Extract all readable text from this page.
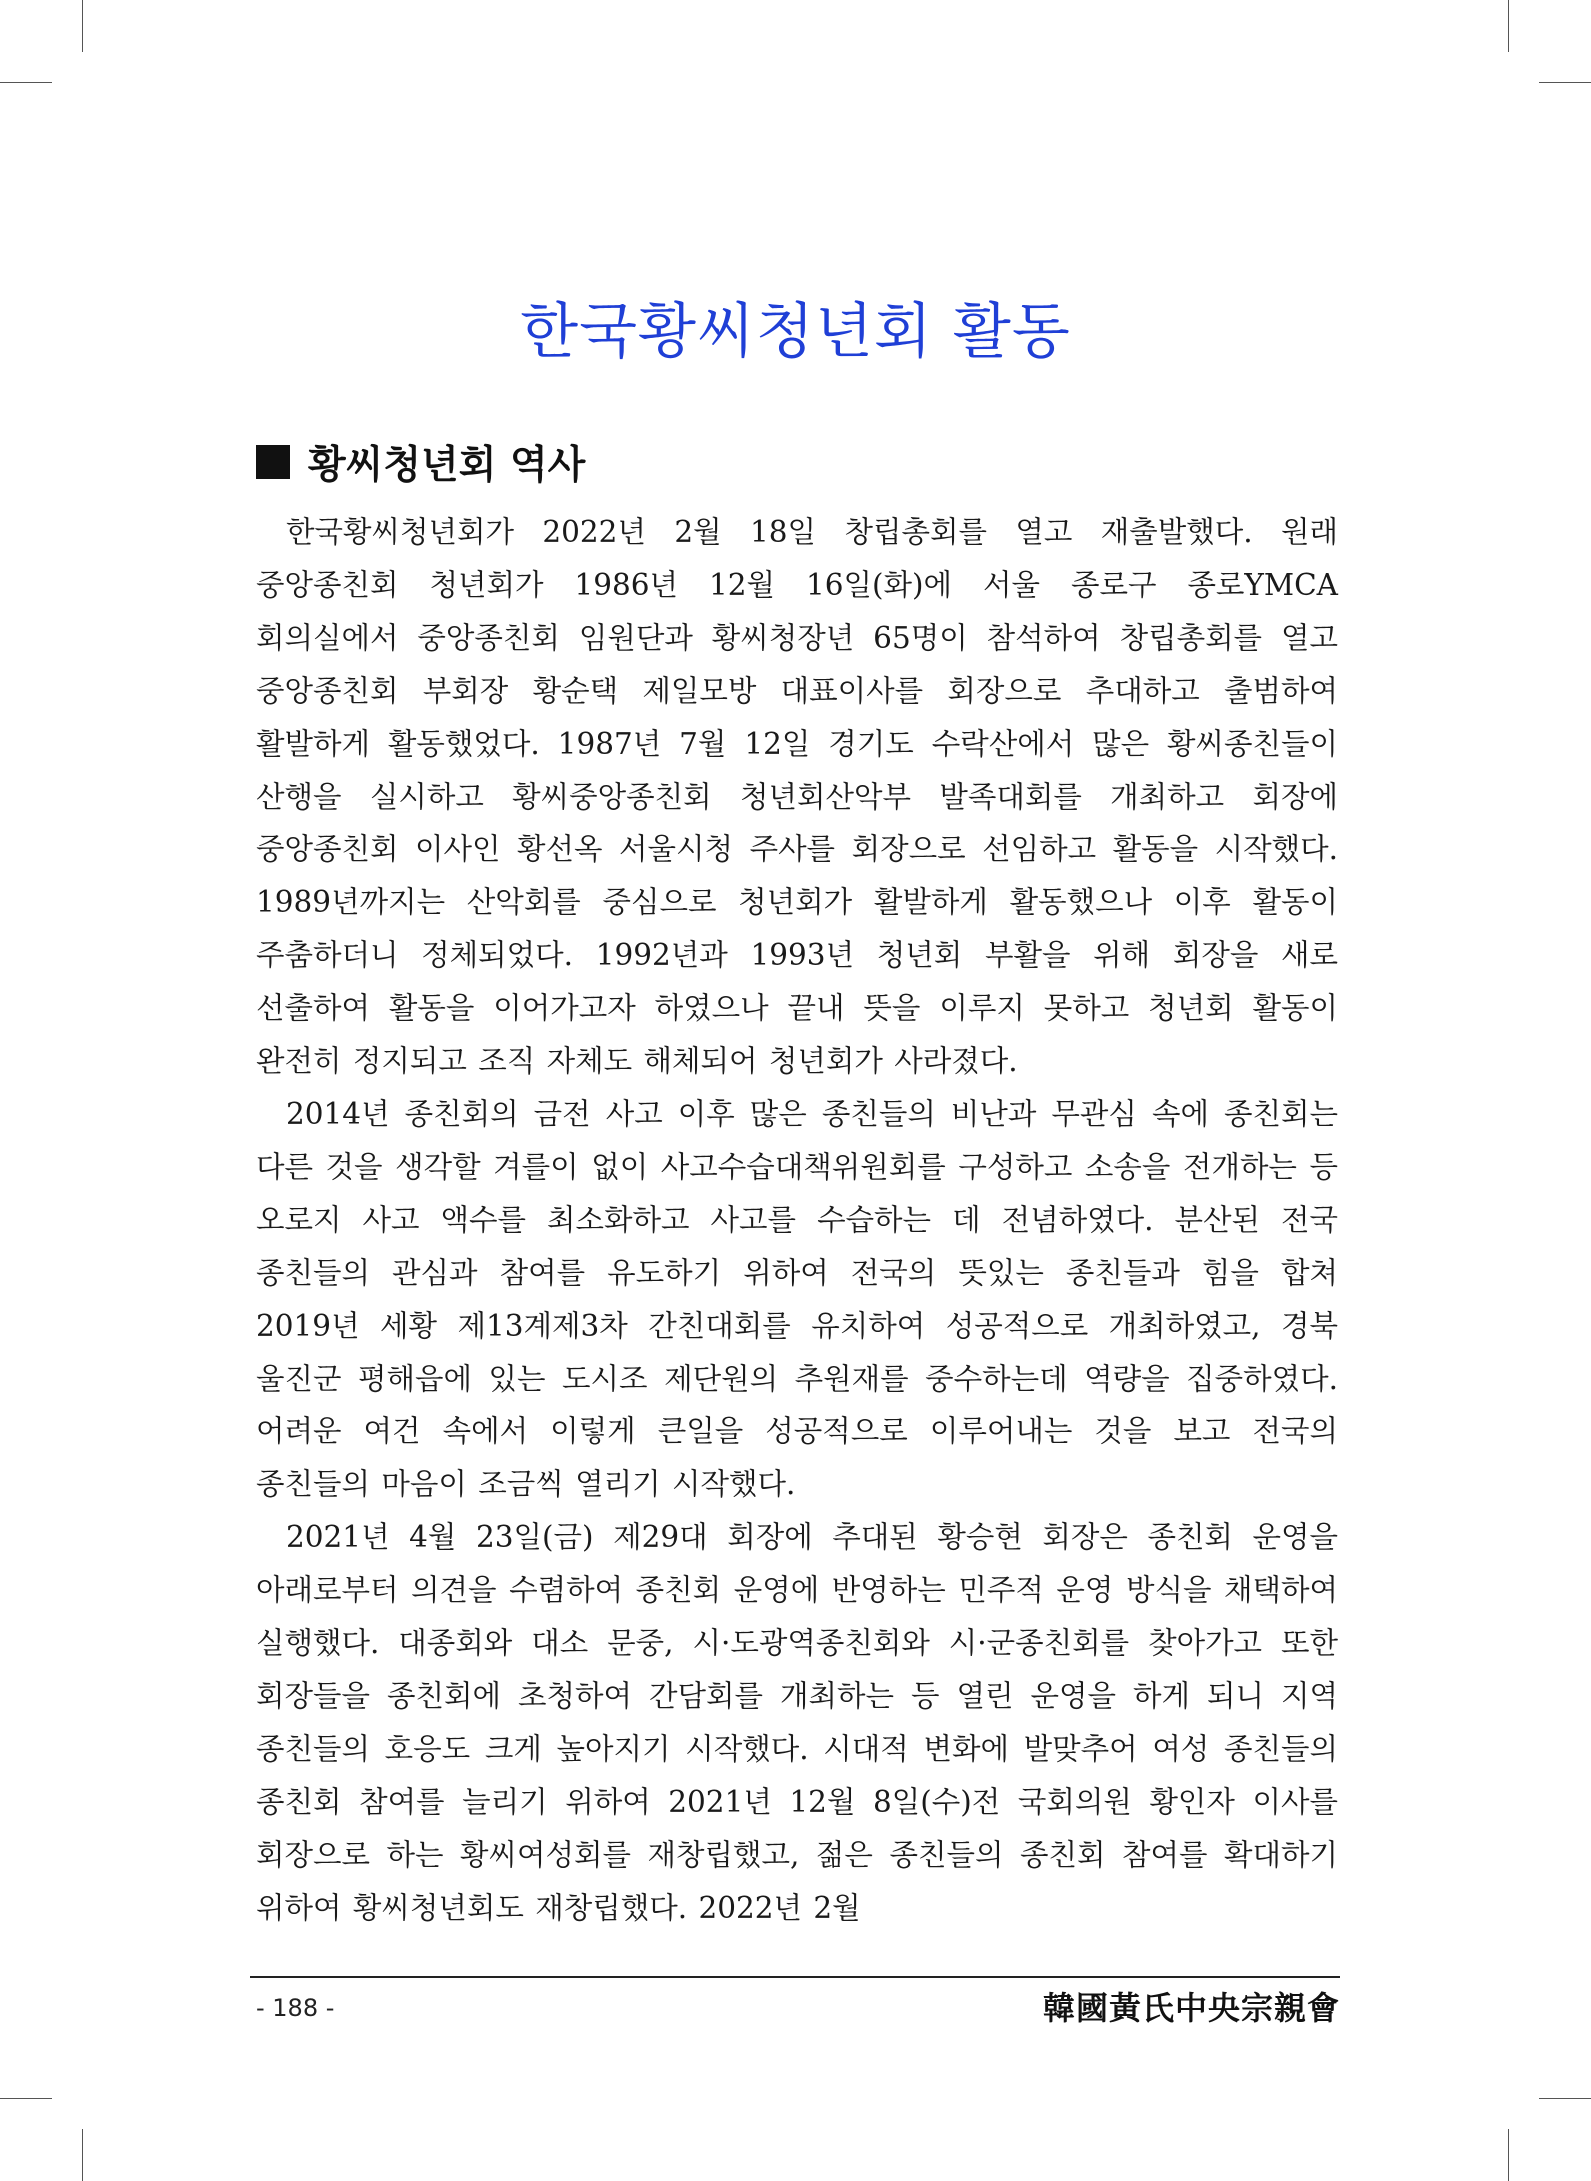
한국황씨청년회 활동
황씨청년회 역사

한국황씨청년회가 2022년 2월 18일 창립총회를 열고 재출발했다. 원래 중앙종친회 청년회가 1986년 12월 16일(화)에 서울 종로구 종로YMCA 회의실에서 중앙종친회 임원단과 황씨청장년 65명이 참석하여 창립총회를 열고 중앙종친회 부회장 황순택 제일모방 대표이사를 회장으로 추대하고 출범하여 활발하게 활동했었다. 1987년 7월 12일 경기도 수락산에서 많은 황씨종친들이 산행을 실시하고 황씨중앙종친회 청년회산악부 발족대회를 개최하고 회장에 중앙종친회 이사인 황선옥 서울시청 주사를 회장으로 선임하고 활동을 시작했다. 1989년까지는 산악회를 중심으로 청년회가 활발하게 활동했으나 이후 활동이 주춤하더니 정체되었다. 1992년과 1993년 청년회 부활을 위해 회장을 새로 선출하여 활동을 이어가고자 하였으나 끝내 뜻을 이루지 못하고 청년회 활동이 완전히 정지되고 조직 자체도 해체되어 청년회가 사라졌다.

2014년 종친회의 금전 사고 이후 많은 종친들의 비난과 무관심 속에 종친회는 다른 것을 생각할 겨를이 없이 사고수습대책위원회를 구성하고 소송을 전개하는 등 오로지 사고 액수를 최소화하고 사고를 수습하는 데 전념하였다. 분산된 전국 종친들의 관심과 참여를 유도하기 위하여 전국의 뜻있는 종친들과 힘을 합쳐 2019년 세황 제13계제3차 간친대회를 유치하여 성공적으로 개최하였고, 경북 울진군 평해읍에 있는 도시조 제단원의 추원재를 중수하는데 역량을 집중하였다. 어려운 여건 속에서 이렇게 큰일을 성공적으로 이루어내는 것을 보고 전국의 종친들의 마음이 조금씩 열리기 시작했다.

2021년 4월 23일(금) 제29대 회장에 추대된 황승현 회장은 종친회 운영을 아래로부터 의견을 수렴하여 종친회 운영에 반영하는 민주적 운영 방식을 채택하여 실행했다. 대종회와 대소 문중, 시·도광역종친회와 시·군종친회를 찾아가고 또한 회장들을 종친회에 초청하여 간담회를 개최하는 등 열린 운영을 하게 되니 지역 종친들의 호응도 크게 높아지기 시작했다. 시대적 변화에 발맞추어 여성 종친들의 종친회 참여를 늘리기 위하여 2021년 12월 8일(수)전 국회의원 황인자 이사를 회장으로 하는 황씨여성회를 재창립했고, 젊은 종친들의 종친회 참여를 확대하기 위하여 황씨청년회도 재창립했다. 2022년 2월

- 188 -	韓國黃氏中央宗親會
